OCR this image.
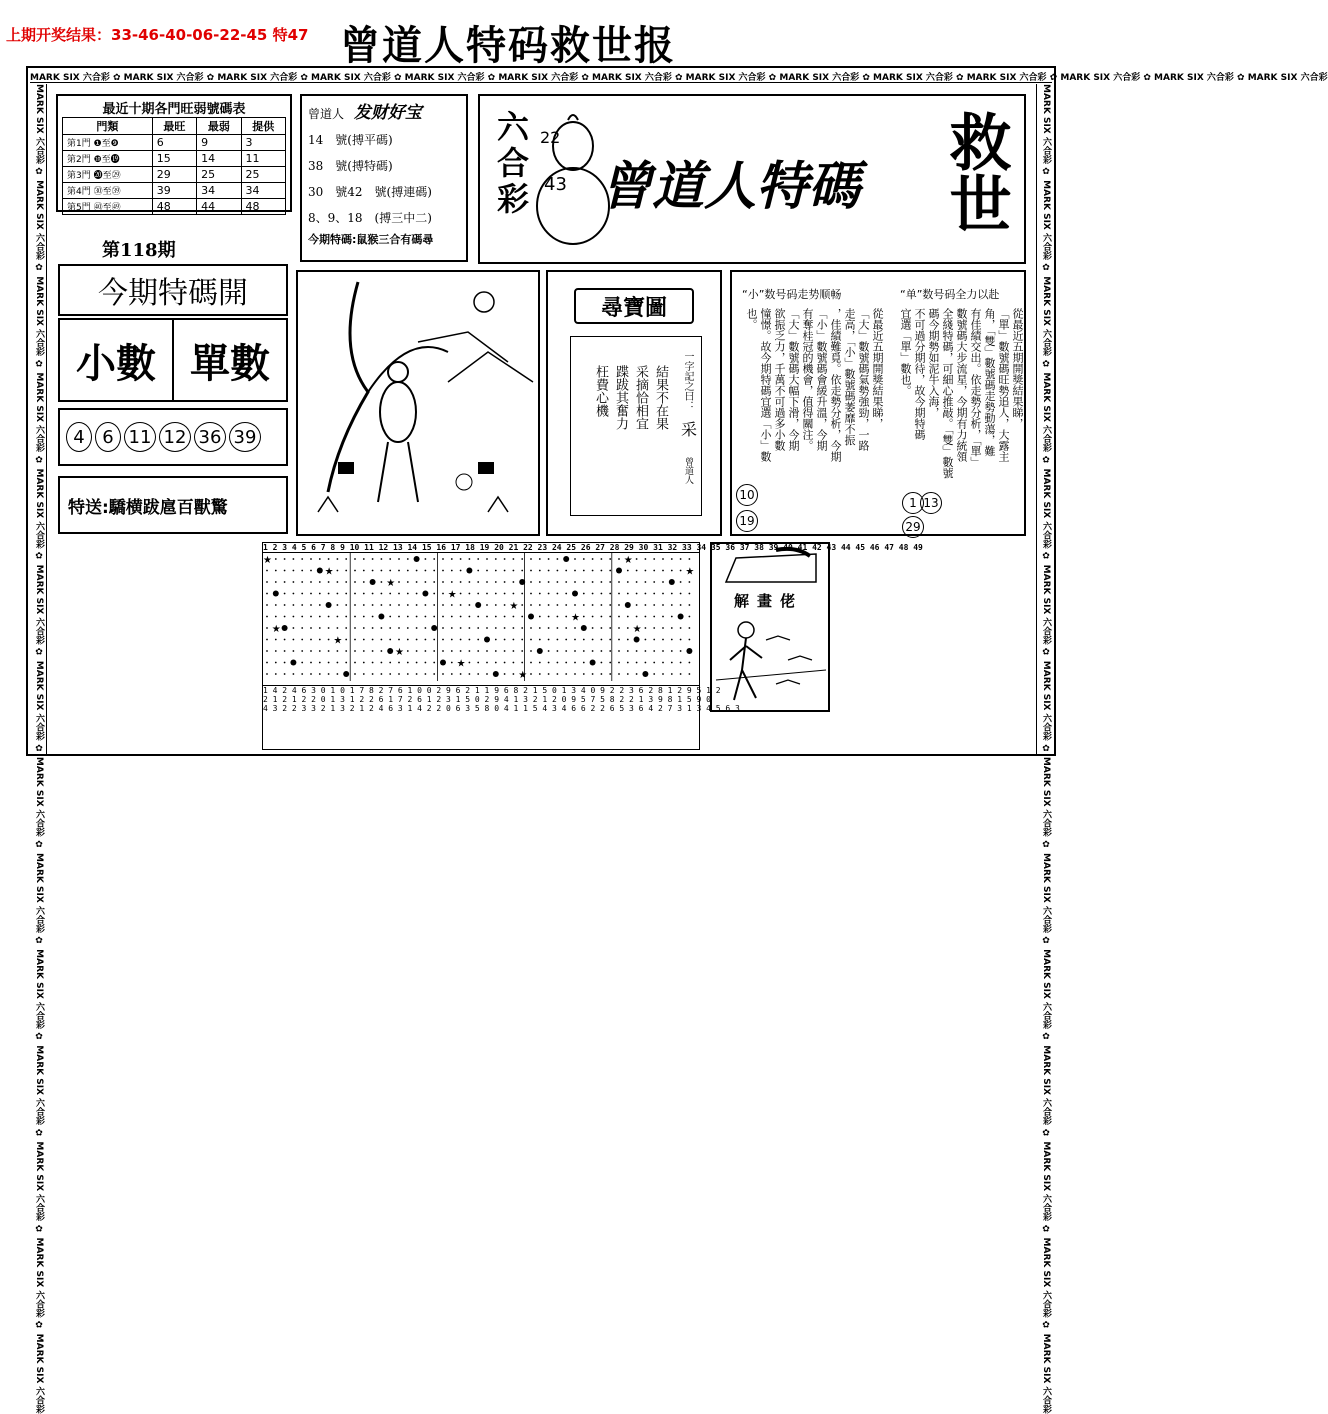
上期开奖结果：33-46-40-06-22-45 特47 曾道人特码救世报
MARK SIX 六合彩 ✿ MARK SIX 六合彩 ✿ MARK SIX 六合彩 ✿ MARK SIX 六合彩 ✿ MARK SIX 六合彩 ✿ MARK SIX 六合彩 ✿ MARK SIX 六合彩 ✿ MARK SIX 六合彩 ✿ MARK SIX 六合彩 ✿ MARK SIX 六合彩 ✿ MARK SIX 六合彩 ✿ MARK SIX 六合彩 ✿ MARK SIX 六合彩 ✿ MARK SIX 六合彩
MARK SIX 六合彩 ✿ MARK SIX 六合彩 ✿ MARK SIX 六合彩 ✿ MARK SIX 六合彩 ✿ MARK SIX 六合彩 ✿ MARK SIX 六合彩 ✿ MARK SIX 六合彩 ✿ MARK SIX 六合彩 ✿ MARK SIX 六合彩 ✿ MARK SIX 六合彩 ✿ MARK SIX 六合彩 ✿ MARK SIX 六合彩 ✿ MARK SIX 六合彩 ✿ MARK SIX 六合彩	MARK SIX 六合彩 ✿ MARK SIX 六合彩 ✿ MARK SIX 六合彩 ✿ MARK SIX 六合彩 ✿ MARK SIX 六合彩 ✿ MARK SIX 六合彩 ✿ MARK SIX 六合彩 ✿ MARK SIX 六合彩 ✿ MARK SIX 六合彩 ✿ MARK SIX 六合彩 ✿ MARK SIX 六合彩 ✿ MARK SIX 六合彩 ✿ MARK SIX 六合彩 ✿ MARK SIX 六合彩
最近十期各門旺弱號碼表
門類	最旺	最弱	提供
第1門 ❶至❾	6	9	3
第2門 ❿至⓳	15	14	11
第3門 ⓴至㉙	29	25	25
第4門 ㉚至㊴	39	34	34
第5門 ㊵至㊾	48	44	48
曾道人 发财好宝
14　號(搏平碼)
38　號(搏特碼)
30　號42　號(搏連碼)
8、9、18　(搏三中二)
今期特碼:鼠猴三合有碼尋
六合彩 22
43 曾道人特碼 救世
第118期
今期特碼開
小數 單數
4 6 11 12 36 39
特送:驕横跋扈百獸驚
尋寶圖
一字記之曰：
采
結果不在果
采摘恰相宜
蹀跋其奮力
枉費心機
曾道人
“小”数号码走势顺畅	“单”数号码全力以赴
從最近五期開獎結果睇，
「大」數號碼氣勢強勁，一路
走高，「小」數號碼萎靡不振
，佳績難覓。依走勢分析，今期
「小」數號碼會緩升溫，今期
有奪桂冠的機會，值得關注。
「大」數號碼大幅下滑，今期
欲振乏力，千萬不可過多小數
憧憬。故今期特碼宜選「小」數
也。	從最近五期開獎結果睇，
「單」數號碼旺勢追人，大露主
角，「雙」數號碼走勢動蕩，難
有佳績交出。依走勢分析，「單」
數號碼大步流星，今期有力統領
全綫特碼，可細心推敲。「雙」數號
碼今期勢如泥牛入海，
不可過分期待，故今期特碼
宜選「單」數也。
10
19
1 13
29
1 2 3 4 5 6 7 8 9 10 11 12 13 14 15 16 17 18 19 20 21 22 23 24 25 26 27 28 29 30 31 32 33 34 35 36 37 38 39 40 41 42 43 44 45 46 47 48 49
★	★
★	★
★
★
★
★
★	★
★
★
★
★
1 4 2 4 6 3 0 1 0 1 7 8 2 7 6 1 0 0 2 9 6 2 1 1 9 6 8 2 1 5 0 1 3 4 0 9 2 2 3 6 2 8 1 2 9 5 1 2
2 1 2 1 2 2 0 1 3 1 2 2 6 1 7 2 6 1 2 3 1 5 0 2 9 4 1 3 2 1 2 0 9 5 7 5 8 2 2 1 3 9 8 1 5 9 0
4 3 2 2 3 3 2 1 3 2 1 2 4 6 3 1 4 2 2 0 6 3 5 8 0 4 1 1 5 4 3 4 6 6 2 2 6 5 3 6 4 2 7 3 1 3 4 5 6 3
解畫佬
